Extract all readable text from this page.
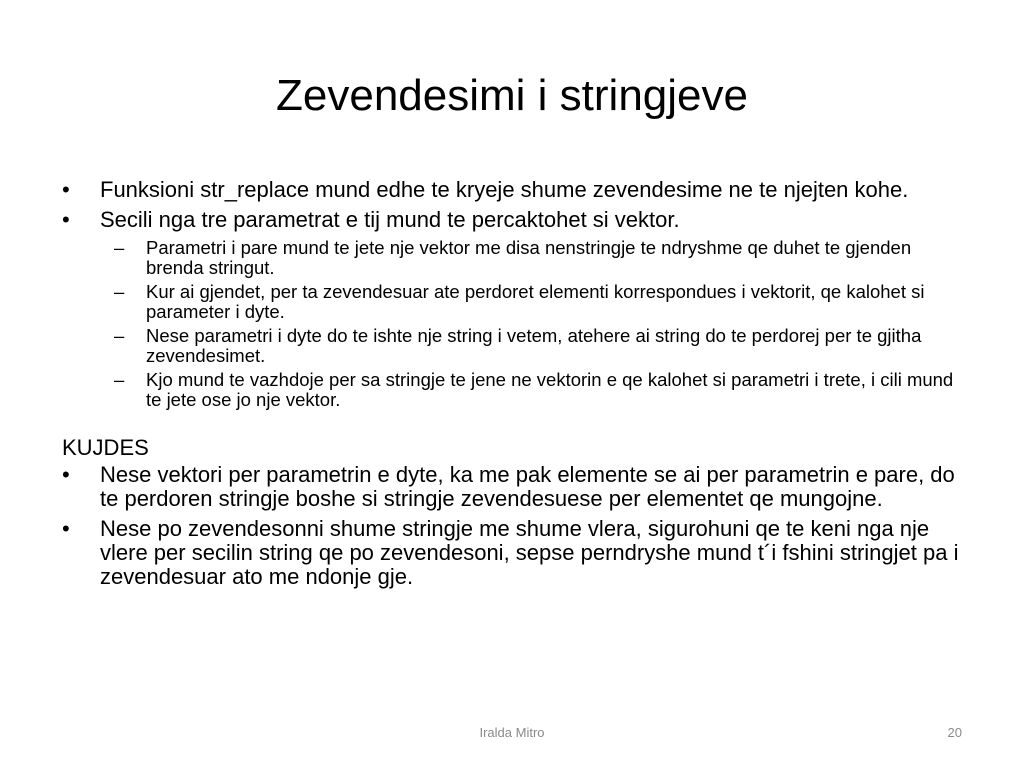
Zevendesimi i stringjeve
•	Funksioni str_replace mund edhe te kryeje shume zevendesime ne te njejten kohe.
•	Secili nga tre parametrat e tij mund te percaktohet si vektor.
–	Parametri i pare mund te jete nje vektor me disa nenstringje te ndryshme qe duhet te gjenden brenda stringut.
–	Kur ai gjendet, per ta zevendesuar ate perdoret elementi korrespondues i vektorit, qe kalohet si parameter i dyte.
–	Nese parametri i dyte do te ishte nje string i vetem, atehere ai string do te perdorej per te gjitha zevendesimet.
–	Kjo mund te vazhdoje per sa stringje te jene ne vektorin e qe kalohet si parametri i trete, i cili mund te jete ose jo nje vektor.
KUJDES
•	Nese vektori per parametrin e dyte, ka me pak elemente se ai per parametrin e pare, do te perdoren stringje boshe si stringje zevendesuese per elementet qe mungojne.
•	Nese po zevendesonni shume stringje me shume vlera, sigurohuni qe te keni nga nje vlere per secilin string qe po zevendesoni, sepse perndryshe mund t´i fshini stringjet pa i zevendesuar ato me ndonje gje.
Iralda Mitro	20
